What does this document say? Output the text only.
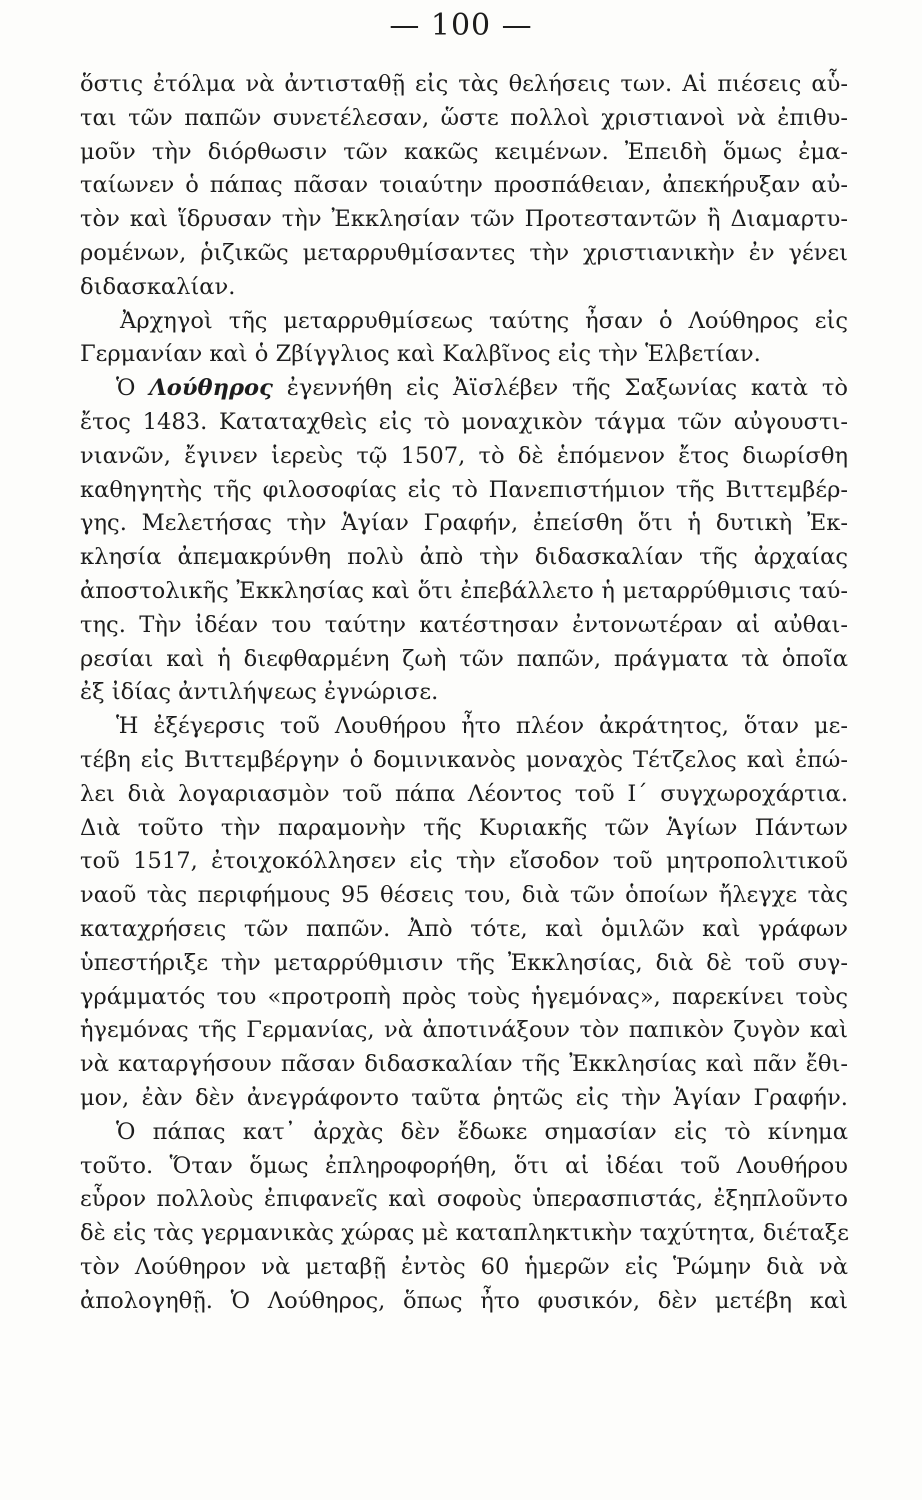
— 100 —
ὅστις ἐτόλμα νὰ ἀντισταθῇ εἰς τὰς θελήσεις των. Αἱ πιέσεις αὗ-
ται τῶν παπῶν συνετέλεσαν, ὥστε πολλοὶ χριστιανοὶ νὰ ἐπιθυ-
μοῦν τὴν διόρθωσιν τῶν κακῶς κειμένων. Ἐπειδὴ ὅμως ἐμα-
ταίωνεν ὁ πάπας πᾶσαν τοιαύτην προσπάθειαν, ἀπεκήρυξαν αὐ-
τὸν καὶ ἵδρυσαν τὴν Ἐκκλησίαν τῶν Προτεσταντῶν ἢ Διαμαρτυ-
ρομένων, ῥιζικῶς μεταρρυθμίσαντες τὴν χριστιανικὴν ἐν γένει
διδασκαλίαν.
Ἀρχηγοὶ τῆς μεταρρυθμίσεως ταύτης ἦσαν ὁ Λούθηρος εἰς
Γερμανίαν καὶ ὁ Ζβίγγλιος καὶ Καλβῖνος εἰς τὴν Ἑλβετίαν.
Ὁ Λούθηρος ἐγεννήθη εἰς Ἀϊσλέβεν τῆς Σαξωνίας κατὰ τὸ
ἔτος 1483. Καταταχθεὶς εἰς τὸ μοναχικὸν τάγμα τῶν αὐγουστι-
νιανῶν, ἔγινεν ἱερεὺς τῷ 1507, τὸ δὲ ἑπόμενον ἔτος διωρίσθη
καθηγητὴς τῆς φιλοσοφίας εἰς τὸ Πανεπιστήμιον τῆς Βιττεμβέρ-
γης. Μελετήσας τὴν Ἁγίαν Γραφήν, ἐπείσθη ὅτι ἡ δυτικὴ Ἐκ-
κλησία ἀπεμακρύνθη πολὺ ἀπὸ τὴν διδασκαλίαν τῆς ἀρχαίας
ἀποστολικῆς Ἐκκλησίας καὶ ὅτι ἐπεβάλλετο ἡ μεταρρύθμισις ταύ-
της. Τὴν ἰδέαν του ταύτην κατέστησαν ἐντονωτέραν αἱ αὐθαι-
ρεσίαι καὶ ἡ διεφθαρμένη ζωὴ τῶν παπῶν, πράγματα τὰ ὁποῖα
ἐξ ἰδίας ἀντιλήψεως ἐγνώρισε.
Ἡ ἐξέγερσις τοῦ Λουθήρου ἦτο πλέον ἀκράτητος, ὅταν με-
τέβη εἰς Βιττεμβέργην ὁ δομινικανὸς μοναχὸς Τέτζελος καὶ ἐπώ-
λει διὰ λογαριασμὸν τοῦ πάπα Λέοντος τοῦ Ι΄ συγχωροχάρτια.
Διὰ τοῦτο τὴν παραμονὴν τῆς Κυριακῆς τῶν Ἁγίων Πάντων
τοῦ 1517, ἐτοιχοκόλλησεν εἰς τὴν εἴσοδον τοῦ μητροπολιτικοῦ
ναοῦ τὰς περιφήμους 95 θέσεις του, διὰ τῶν ὁποίων ἤλεγχε τὰς
καταχρήσεις τῶν παπῶν. Ἀπὸ τότε, καὶ ὁμιλῶν καὶ γράφων
ὑπεστήριξε τὴν μεταρρύθμισιν τῆς Ἐκκλησίας, διὰ δὲ τοῦ συγ-
γράμματός του «προτροπὴ πρὸς τοὺς ἡγεμόνας», παρεκίνει τοὺς
ἡγεμόνας τῆς Γερμανίας, νὰ ἀποτινάξουν τὸν παπικὸν ζυγὸν καὶ
νὰ καταργήσουν πᾶσαν διδασκαλίαν τῆς Ἐκκλησίας καὶ πᾶν ἔθι-
μον, ἐὰν δὲν ἀνεγράφοντο ταῦτα ῥητῶς εἰς τὴν Ἁγίαν Γραφήν.
Ὁ πάπας κατ᾽ ἀρχὰς δὲν ἔδωκε σημασίαν εἰς τὸ κίνημα
τοῦτο. Ὅταν ὅμως ἐπληροφορήθη, ὅτι αἱ ἰδέαι τοῦ Λουθήρου
εὗρον πολλοὺς ἐπιφανεῖς καὶ σοφοὺς ὑπερασπιστάς, ἐξηπλοῦντο
δὲ εἰς τὰς γερμανικὰς χώρας μὲ καταπληκτικὴν ταχύτητα, διέταξε
τὸν Λούθηρον νὰ μεταβῇ ἐντὸς 60 ἡμερῶν εἰς Ῥώμην διὰ νὰ
ἀπολογηθῇ. Ὁ Λούθηρος, ὅπως ἦτο φυσικόν, δὲν μετέβη καὶ
